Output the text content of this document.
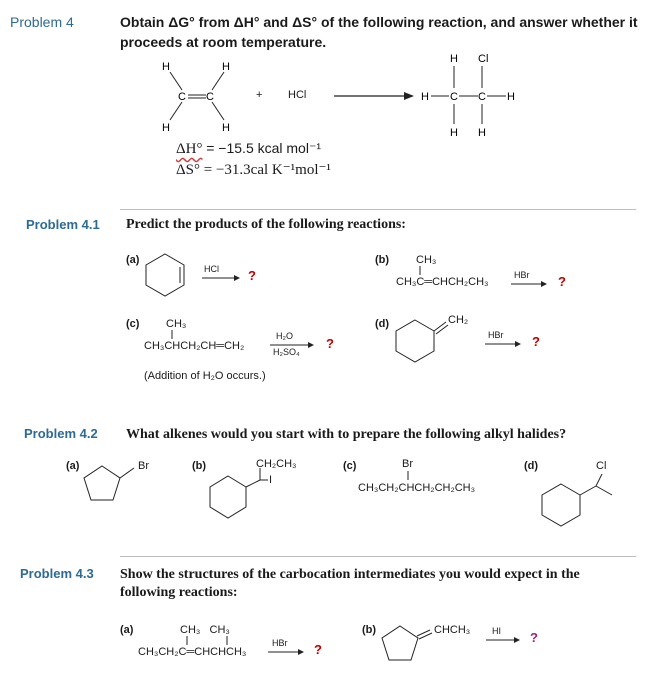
Problem 4	Obtain ΔG° from ΔH° and ΔS° of the following reaction, and answer whether it
proceeds at room temperature.
H	H
C C
H	H
+ HCl
H Cl
H C C H
H H
ΔH° = −15.5 kcal mol⁻¹
ΔS° = −31.3cal K⁻¹mol⁻¹
Problem 4.1 Predict the products of the following reactions:
(a)
HCl ?
(b) CH₃
CH₃C═CHCH₂CH₃
HBr ?
(c) CH₃
CH₃CHCH₂CH═CH₂
H₂O
H₂SO₄
?
(Addition of H₂O occurs.)
(d)	CH₂
HBr ?
Problem 4.2 What alkenes would you start with to prepare the following alkyl halides?
(a)	Br	(b)	CH₂CH₃
I
(c)	Br
CH₃CH₂CHCH₂CH₂CH₃
(d)	Cl
Problem 4.3 Show the structures of the carbocation intermediates you would expect in the
following reactions:
(a)	CH₃   CH₃
CH₃CH₂C═CHCHCH₃
HBr ?
(b)	CHCH₃ HI ?
